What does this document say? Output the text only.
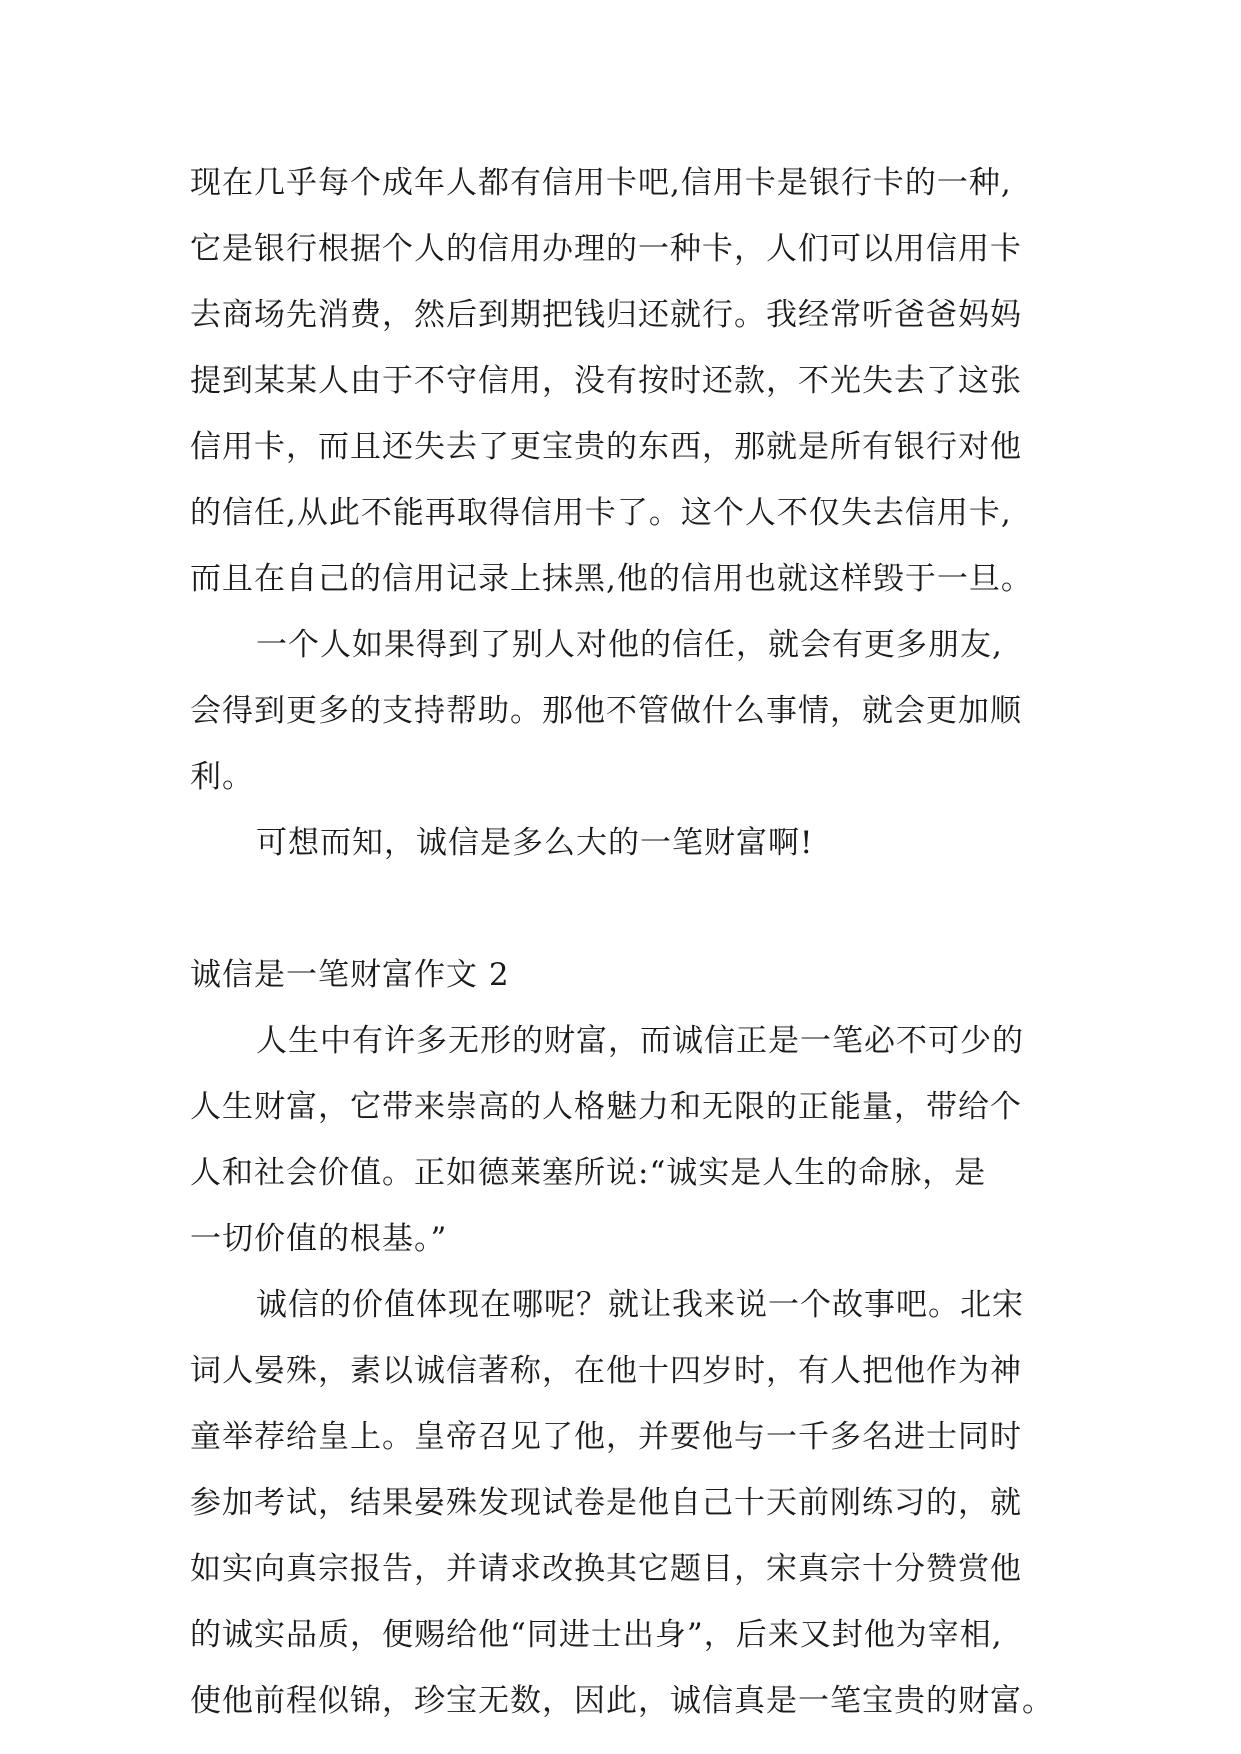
现在几乎每个成年人都有信用卡吧,信用卡是银行卡的一种,
它是银行根据个人的信用办理的一种卡，人们可以用信用卡
去商场先消费，然后到期把钱归还就行。我经常听爸爸妈妈
提到某某人由于不守信用，没有按时还款，不光失去了这张
信用卡，而且还失去了更宝贵的东西，那就是所有银行对他
的信任,从此不能再取得信用卡了。这个人不仅失去信用卡,
而且在自己的信用记录上抹黑,他的信用也就这样毁于一旦。
一个人如果得到了别人对他的信任，就会有更多朋友,
会得到更多的支持帮助。那他不管做什么事情，就会更加顺
利。
可想而知，诚信是多么大的一笔财富啊!
诚信是一笔财富作文 2
人生中有许多无形的财富，而诚信正是一笔必不可少的
人生财富，它带来崇高的人格魅力和无限的正能量，带给个
人和社会价值。正如德莱塞所说:“诚实是人生的命脉，是
一切价值的根基。”
诚信的价值体现在哪呢？就让我来说一个故事吧。北宋
词人晏殊，素以诚信著称，在他十四岁时，有人把他作为神
童举荐给皇上。皇帝召见了他，并要他与一千多名进士同时
参加考试，结果晏殊发现试卷是他自己十天前刚练习的，就
如实向真宗报告，并请求改换其它题目，宋真宗十分赞赏他
的诚实品质，便赐给他“同进士出身”，后来又封他为宰相,
使他前程似锦，珍宝无数，因此，诚信真是一笔宝贵的财富。
